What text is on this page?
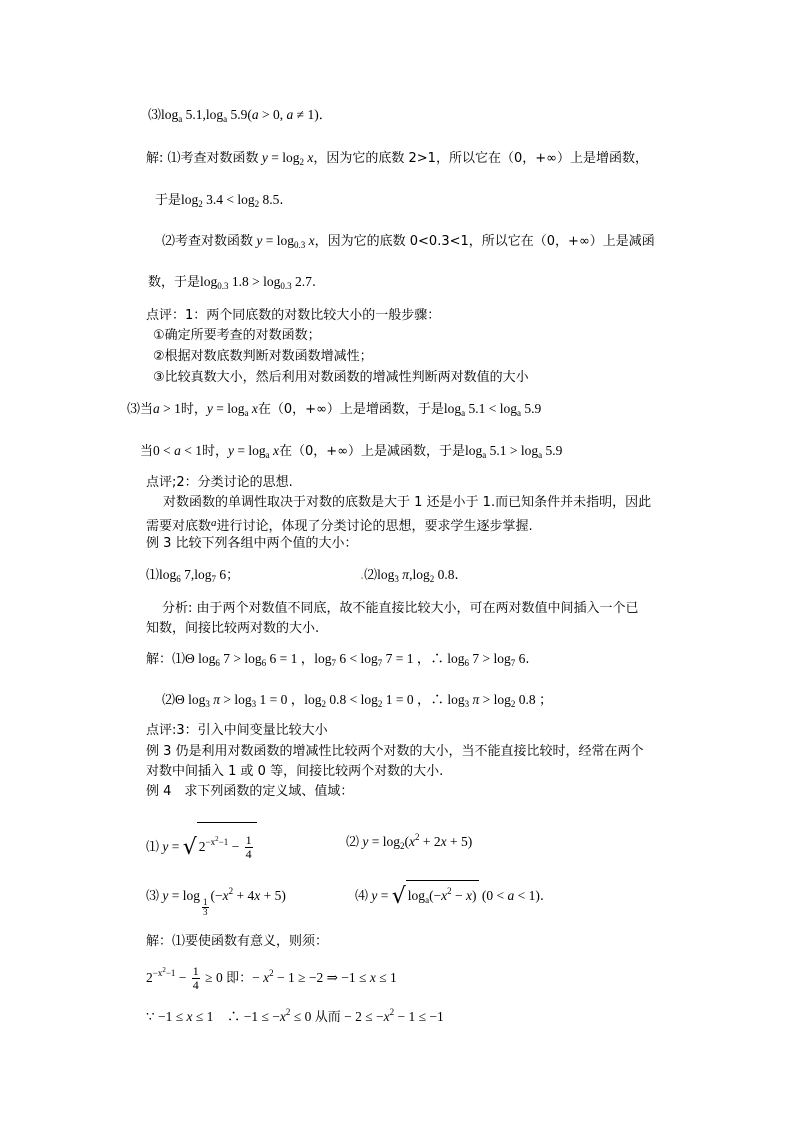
$⑶\log_a$ $5.1,\log_a$ 5.9(a > 0, a ≠ 1)．
解: ⑴考查对数函数 $y = \log_2 x$，因为它的底数 2>1，所以它在（0，+∞）上是增函数，
于是$\log_2 3.4 < \log_2 8.5$.
⑵考查对数函数 $y = \log_{0.3} x$，因为它的底数 0<0.3<1，所以它在（0，+∞）上是减函
数，于是$\log_{0.3} 1.8 > \log_{0.3} 2.7$.
点评：1：两个同底数的对数比较大小的一般步骤：
①确定所要考查的对数函数；
②根据对数底数判断对数函数增减性；
③比较真数大小，然后利用对数函数的增减性判断两对数值的大小
⑶当a > 1时，$y = \log_a x$在（0，+∞）上是增函数，于是$\log_a 5.1 < \log_a 5.9$
当0 < a < 1时，$y = \log_a x$在（0，+∞）上是减函数，于是$\log_a 5.1 > \log_a 5.9$
点评;2：分类讨论的思想.
对数函数的单调性取决于对数的底数是大于 1 还是小于 1.而已知条件并未指明，因此
需要对底数$^a$进行讨论，体现了分类讨论的思想，要求学生逐步掌握.
例 3 比较下列各组中两个值的大小：
$⑴\log_6$ $7,\log_7$ 6；	$.⑵\log_3$ $\pi,\log_2$ 0.8.
分析: 由于两个对数值不同底，故不能直接比较大小，可在两对数值中间插入一个已
知数，间接比较两对数的大小.
解：⑴Θ $\log_6 7 > \log_6 6 = 1$ ，$\log_7 6 < \log_7 7 = 1$ ，∴ $\log_6 7 > \log_7 6$.
⑵Θ $\log_3 \pi > \log_3 1 = 0$ ，$\log_2 0.8 < \log_2 1 = 0$ ，∴ $\log_3 \pi > \log_2 0.8$ ；
点评:3：引入中间变量比较大小
例 3 仍是利用对数函数的增减性比较两个对数的大小，当不能直接比较时，经常在两个
对数中间插入 1 或 0 等，间接比较两个对数的大小.
例 4　求下列函数的定义域、值域：
⑴ y = √ $2^{-x^2-1} - \frac{1}{4}$	⑵ $y = \log_2(x^2 + 2x + 5)$
⑶ y = log
$_{\frac{1}{3}}$
$(-x^2 + 4x + 5)$	⑷ y = √ $\log_a(-x^2 - x) (0 < a < 1)$.
解：⑴要使函数有意义，则须：
$2^{-x^2-1} - \frac{1}{4} \ge 0$ 即：− $x^2 - 1 \ge -2$ ⇒ −1 ≤ x ≤ 1
∵ −1 ≤ x ≤ 1　∴ $-1 \le -x^2 \le 0$ 从而 − $2 \le -x^2 - 1 \le -1$
